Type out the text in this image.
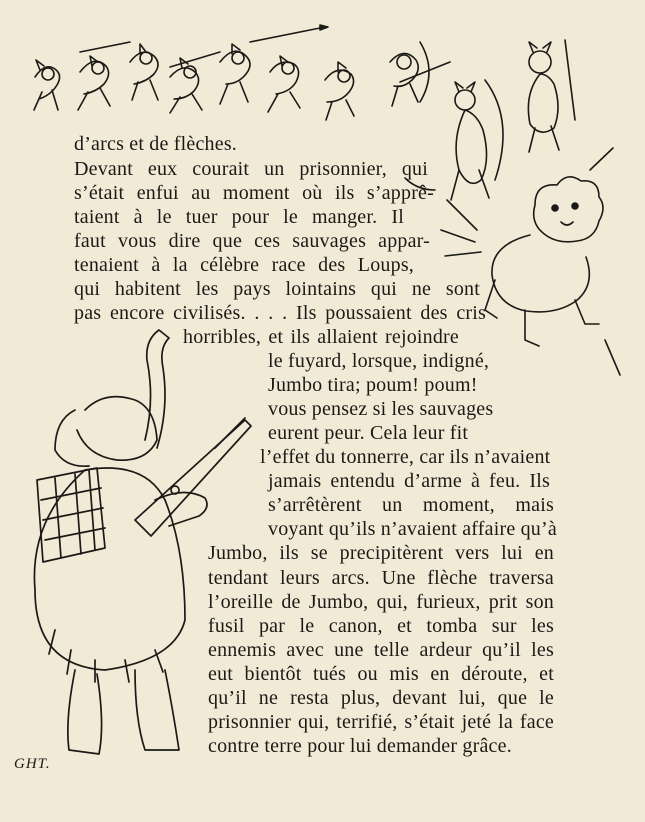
GHT.
d’arcs et de flèches.
Devant eux courait un prisonnier, qui
s’était enfui au moment où ils s’apprê-
taient à le tuer pour le manger. Il
faut vous dire que ces sauvages appar-
tenaient à la célèbre race des Loups,
qui habitent les pays lointains qui ne sont
pas encore civilisés. . . . Ils poussaient des cris
horribles, et ils allaient rejoindre
le fuyard, lorsque, indigné,
Jumbo tira; poum! poum!
vous pensez si les sauvages
eurent peur. Cela leur fit
l’effet du tonnerre, car ils n’avaient
jamais entendu d’arme à feu. Ils
s’arrêtèrent un moment, mais
voyant qu’ils n’avaient affaire qu’à
Jumbo, ils se precipitèrent vers lui en
tendant leurs arcs. Une flèche traversa
l’oreille de Jumbo, qui, furieux, prit son
fusil par le canon, et tomba sur les
ennemis avec une telle ardeur qu’il les
eut bientôt tués ou mis en déroute, et
qu’il ne resta plus, devant lui, que le
prisonnier qui, terrifié, s’était jeté la face
contre terre pour lui demander grâce.
